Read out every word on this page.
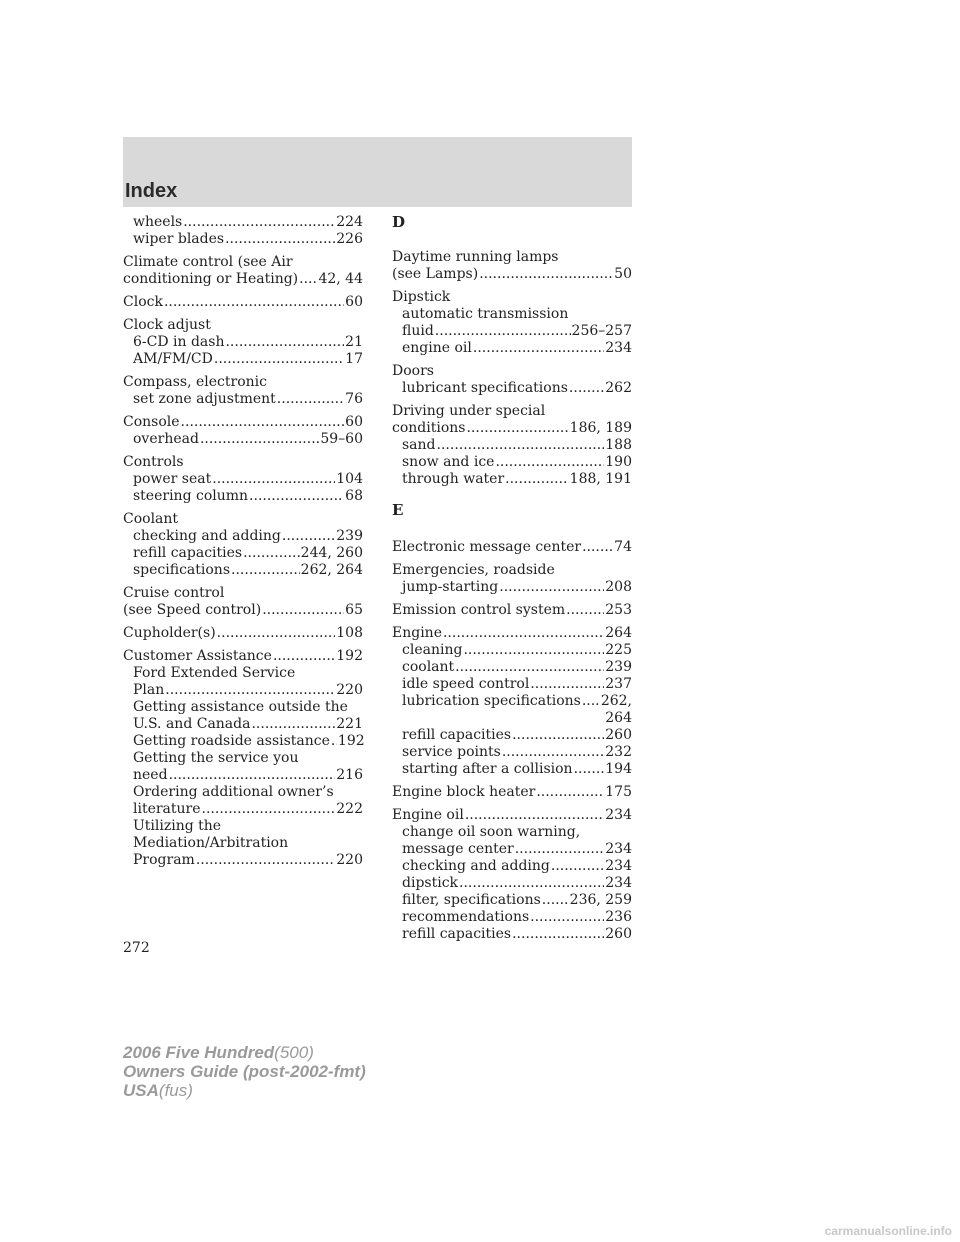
Index
wheels .....	224
wiper blades .....	226
Climate control (see Air
conditioning or Heating) ..... 42, 44
Clock .....	60
Clock adjust
6-CD in dash .....	21
AM/FM/CD .....	17
Compass, electronic
set zone adjustment .....	76
Console .....	60
overhead .....	59–60
Controls
power seat .....	104
steering column .....	68
Coolant
checking and adding .....	239
refill capacities .....	244, 260
specifications .....	262, 264
Cruise control
(see Speed control) .....	65
Cupholder(s) .....	108
Customer Assistance .....	192
Ford Extended Service
Plan .....	220
Getting assistance outside the
U.S. and Canada .....	221
Getting roadside assistance ..... 192
Getting the service you
need .....	216
Ordering additional owner’s
literature .....	222
Utilizing the
Mediation/Arbitration
Program .....	220
D
Daytime running lamps
(see Lamps) .....	50
Dipstick
automatic transmission
fluid .....	256–257
engine oil .....	234
Doors
lubricant specifications .....	262
Driving under special
conditions .....	186, 189
sand .....	188
snow and ice .....	190
through water .....	188, 191
E
Electronic message center ..... 74
Emergencies, roadside
jump-starting .....	208
Emission control system .....	253
Engine .....	264
cleaning .....	225
coolant .....	239
idle speed control .....	237
lubrication specifications ..... 262,
264
refill capacities .....	260
service points .....	232
starting after a collision ..... 194
Engine block heater .....	175
Engine oil .....	234
change oil soon warning,
message center .....	234
checking and adding .....	234
dipstick .....	234
filter, specifications ..... 236, 259
recommendations .....	236
refill capacities .....	260
272
2006 Five Hundred(500)
Owners Guide (post-2002-fmt)
USA(fus)
carmanualsonline.info
